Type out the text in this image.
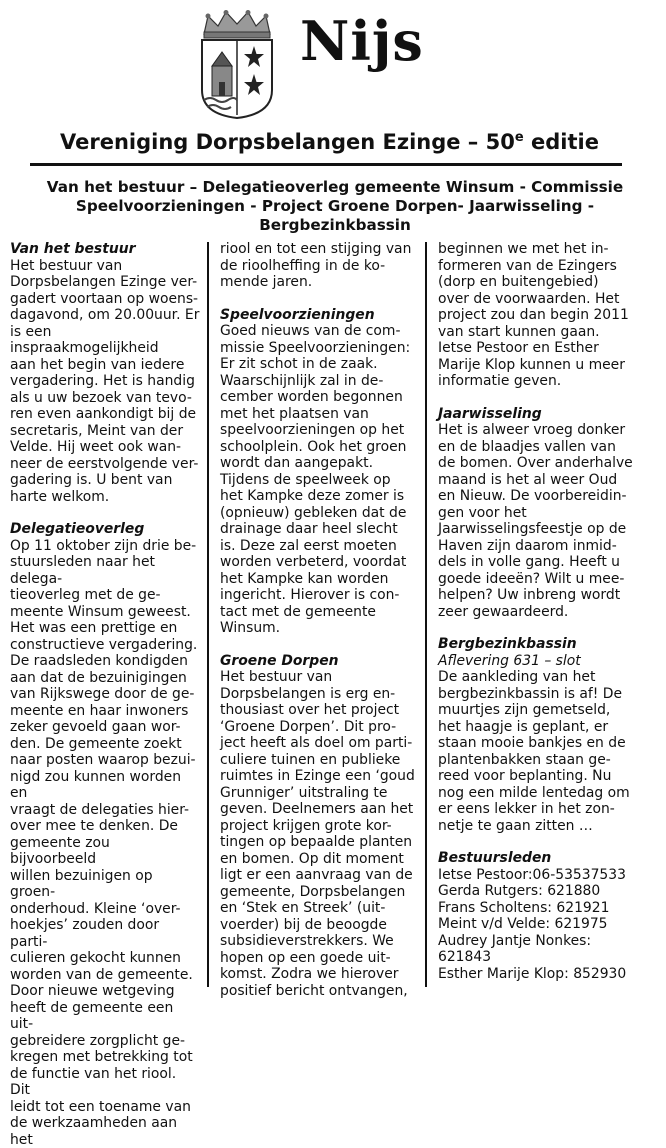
Nijs
Vereniging Dorpsbelangen Ezinge – 50e editie
Van het bestuur – Delegatieoverleg gemeente Winsum - Commissie Speelvoorzieningen - Project Groene Dorpen- Jaarwisseling - Bergbezinkbassin
Van het bestuur
Het bestuur van
Dorpsbelangen Ezinge ver-
gadert voortaan op woens-
dagavond, om 20.00uur. Er
is een inspraakmogelijkheid
aan het begin van iedere
vergadering. Het is handig
als u uw bezoek van tevo-
ren even aankondigt bij de
secretaris, Meint van der
Velde. Hij weet ook wan-
neer de eerstvolgende ver-
gadering is. U bent van
harte welkom.
Delegatieoverleg
Op 11 oktober zijn drie be-
stuursleden naar het delega-
tieoverleg met de ge-
meente Winsum geweest.
Het was een prettige en
constructieve vergadering.
De raadsleden kondigden
aan dat de bezuinigingen
van Rijkswege door de ge-
meente en haar inwoners
zeker gevoeld gaan wor-
den. De gemeente zoekt
naar posten waarop bezui-
nigd zou kunnen worden en
vraagt de delegaties hier-
over mee te denken. De
gemeente zou bijvoorbeeld
willen bezuinigen op groen-
onderhoud. Kleine ‘over-
hoekjes’ zouden door parti-
culieren gekocht kunnen
worden van de gemeente.
Door nieuwe wetgeving
heeft de gemeente een uit-
gebreidere zorgplicht ge-
kregen met betrekking tot
de functie van het riool. Dit
leidt tot een toename van
de werkzaamheden aan het
riool en tot een stijging van
de rioolheffing in de ko-
mende jaren.
Speelvoorzieningen
Goed nieuws van de com-
missie Speelvoorzieningen:
Er zit schot in de zaak.
Waarschijnlijk zal in de-
cember worden begonnen
met het plaatsen van
speelvoorzieningen op het
schoolplein. Ook het groen
wordt dan aangepakt.
Tijdens de speelweek op
het Kampke deze zomer is
(opnieuw) gebleken dat de
drainage daar heel slecht
is. Deze zal eerst moeten
worden verbeterd, voordat
het Kampke kan worden
ingericht. Hierover is con-
tact met de gemeente
Winsum.
Groene Dorpen
Het bestuur van
Dorpsbelangen is erg en-
thousiast over het project
‘Groene Dorpen’. Dit pro-
ject heeft als doel om parti-
culiere tuinen en publieke
ruimtes in Ezinge een ‘goud
Grunniger’ uitstraling te
geven. Deelnemers aan het
project krijgen grote kor-
tingen op bepaalde planten
en bomen. Op dit moment
ligt er een aanvraag van de
gemeente, Dorpsbelangen
en ‘Stek en Streek’ (uit-
voerder) bij de beoogde
subsidieverstrekkers. We
hopen op een goede uit-
komst. Zodra we hierover
positief bericht ontvangen,
beginnen we met het in-
formeren van de Ezingers
(dorp en buitengebied)
over de voorwaarden. Het
project zou dan begin 2011
van start kunnen gaan.
Ietse Pestoor en Esther
Marije Klop kunnen u meer
informatie geven.
Jaarwisseling
Het is alweer vroeg donker
en de blaadjes vallen van
de bomen. Over anderhalve
maand is het al weer Oud
en Nieuw. De voorbereidin-
gen voor het
Jaarwisselingsfeestje op de
Haven zijn daarom inmid-
dels in volle gang. Heeft u
goede ideeën? Wilt u mee-
helpen? Uw inbreng wordt
zeer gewaardeerd.
Bergbezinkbassin
Aflevering 631 – slot
De aankleding van het
bergbezinkbassin is af! De
muurtjes zijn gemetseld,
het haagje is geplant, er
staan mooie bankjes en de
plantenbakken staan ge-
reed voor beplanting. Nu
nog een milde lentedag om
er eens lekker in het zon-
netje te gaan zitten …
Bestuursleden
Ietse Pestoor:06-53537533
Gerda Rutgers: 621880
Frans Scholtens: 621921
Meint v/d Velde: 621975
Audrey Jantje Nonkes:
621843
Esther Marije Klop: 852930
